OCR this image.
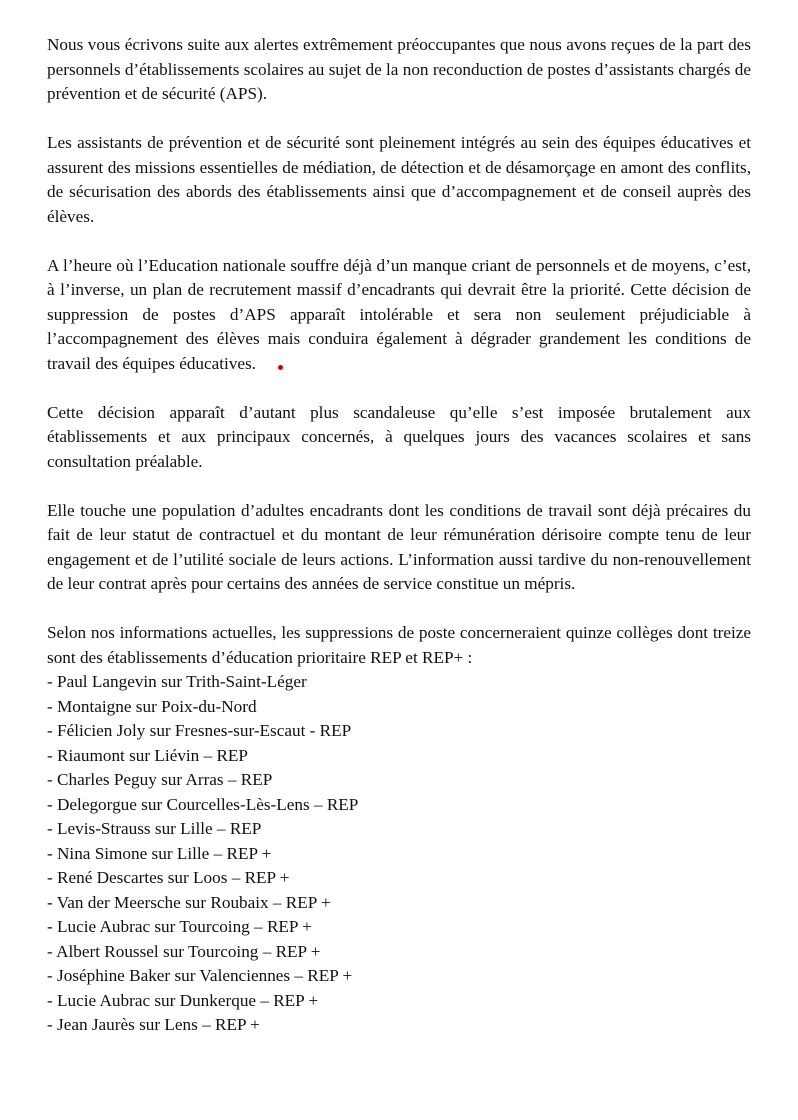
Nous vous écrivons suite aux alertes extrêmement préoccupantes que nous avons reçues de la part des personnels d’établissements scolaires au sujet de la non reconduction de postes d’assistants chargés de prévention et de sécurité (APS).

Les assistants de prévention et de sécurité sont pleinement intégrés au sein des équipes éducatives et assurent des missions essentielles de médiation, de détection et de désamorçage en amont des conflits, de sécurisation des abords des établissements ainsi que d’accompagnement et de conseil auprès des élèves.

A l’heure où l’Education nationale souffre déjà d’un manque criant de personnels et de moyens, c’est, à l’inverse, un plan de recrutement massif d’encadrants qui devrait être la priorité. Cette décision de suppression de postes d’APS apparaît intolérable et sera non seulement préjudiciable à l’accompagnement des élèves mais conduira également à dégrader grandement les conditions de travail des équipes éducatives.

Cette décision apparaît d’autant plus scandaleuse qu’elle s’est imposée brutalement aux établissements et aux principaux concernés, à quelques jours des vacances scolaires et sans consultation préalable.

Elle touche une population d’adultes encadrants dont les conditions de travail sont déjà précaires du fait de leur statut de contractuel et du montant de leur rémunération dérisoire compte tenu de leur engagement et de l’utilité sociale de leurs actions. L’information aussi tardive du non-renouvellement de leur contrat après pour certains des années de service constitue un mépris.

Selon nos informations actuelles, les suppressions de poste concerneraient quinze collèges dont treize sont des établissements d’éducation prioritaire REP et REP+ :

- Paul Langevin sur Trith-Saint-Léger
- Montaigne sur Poix-du-Nord
- Félicien Joly sur Fresnes-sur-Escaut - REP
- Riaumont sur Liévin – REP
- Charles Peguy sur Arras – REP
- Delegorgue sur Courcelles-Lès-Lens – REP
- Levis-Strauss sur Lille – REP
- Nina Simone sur Lille – REP +
- René Descartes sur Loos – REP +
- Van der Meersche sur Roubaix – REP +
- Lucie Aubrac sur Tourcoing – REP +
- Albert Roussel sur Tourcoing – REP +
- Joséphine Baker sur Valenciennes – REP +
- Lucie Aubrac sur Dunkerque – REP +
- Jean Jaurès sur Lens – REP +
